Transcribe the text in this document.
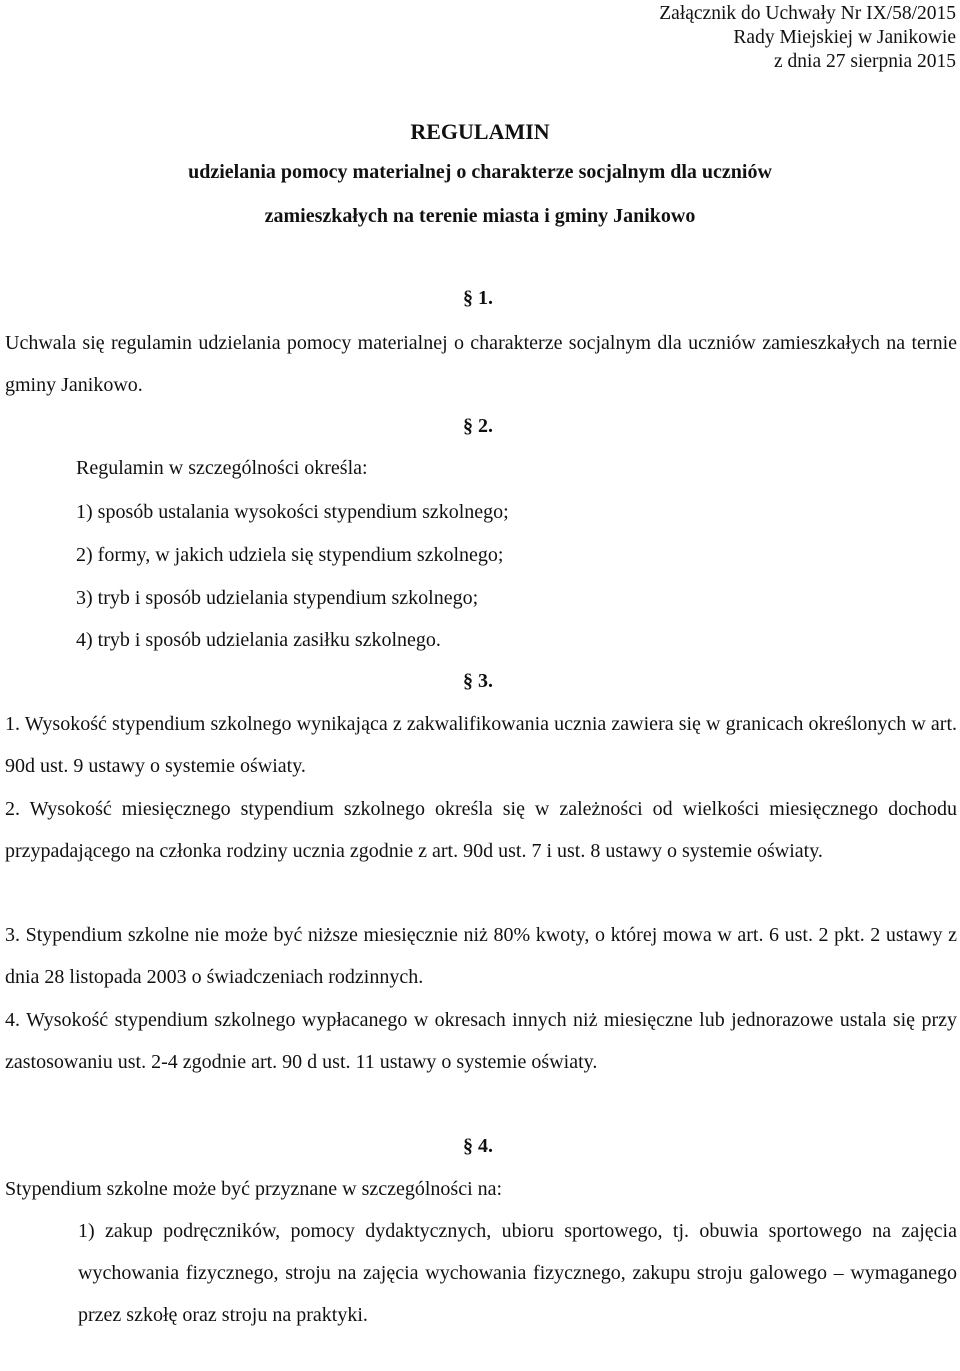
Załącznik do Uchwały Nr IX/58/2015
Rady Miejskiej w Janikowie
z dnia 27 sierpnia 2015
REGULAMIN
udzielania pomocy materialnej o charakterze socjalnym dla uczniów
zamieszkałych na terenie miasta i gminy Janikowo
§ 1.
Uchwala się regulamin udzielania pomocy materialnej o charakterze socjalnym dla uczniów zamieszkałych na ternie gminy Janikowo.
§ 2.
Regulamin w szczególności określa:
1) sposób ustalania wysokości stypendium szkolnego;
2) formy, w jakich udziela się stypendium szkolnego;
3) tryb i sposób udzielania stypendium szkolnego;
4) tryb i sposób udzielania zasiłku szkolnego.
§ 3.
1. Wysokość stypendium szkolnego wynikająca z zakwalifikowania ucznia zawiera się w granicach określonych w art. 90d ust. 9 ustawy o systemie oświaty.
2. Wysokość miesięcznego stypendium szkolnego określa się w zależności od wielkości miesięcznego dochodu przypadającego na członka rodziny ucznia zgodnie z art. 90d ust. 7 i ust. 8 ustawy o systemie oświaty.
3. Stypendium szkolne nie może być niższe miesięcznie niż 80% kwoty, o której mowa w art. 6 ust. 2 pkt. 2 ustawy z dnia 28 listopada 2003 o świadczeniach rodzinnych.
4. Wysokość stypendium szkolnego wypłacanego w okresach innych niż miesięczne lub jednorazowe ustala się przy zastosowaniu ust. 2-4 zgodnie art. 90 d ust. 11 ustawy o systemie oświaty.
§ 4.
Stypendium szkolne może być przyznane w szczególności na:
1) zakup podręczników, pomocy dydaktycznych, ubioru sportowego, tj. obuwia sportowego na zajęcia wychowania fizycznego, stroju na zajęcia wychowania fizycznego, zakupu stroju galowego – wymaganego przez szkołę oraz stroju na praktyki.
